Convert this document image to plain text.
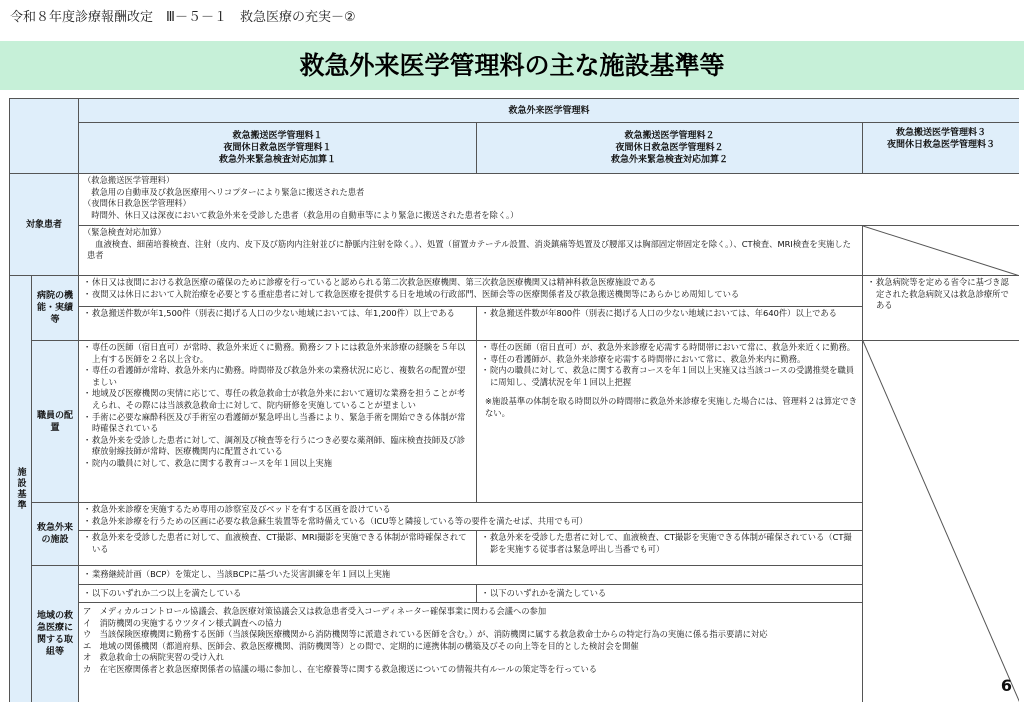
令和８年度診療報酬改定　Ⅲ－５－１　救急医療の充実－②
救急外来医学管理料の主な施設基準等
救急外来医学管理料
救急搬送医学管理料１
夜間休日救急医学管理料１
救急外来緊急検査対応加算１
救急搬送医学管理料２
夜間休日救急医学管理料２
救急外来緊急検査対応加算２
救急搬送医学管理料３
夜間休日救急医学管理料３
対象患者
（救急搬送医学管理料）
　救急用の自動車及び救急医療用ヘリコプターにより緊急に搬送された患者
（夜間休日救急医学管理料）
　時間外、休日又は深夜において救急外来を受診した患者（救急用の自動車等により緊急に搬送された患者を除く。）
（緊急検査対応加算）
　血液検査、細菌培養検査、注射（皮内、皮下及び筋肉内注射並びに静脈内注射を除く。）、処置（留置カテーテル設置、消炎鎮痛等処置及び腰部又は胸部固定帯固定を除く。）、CT検査、MRI検査を実施した患者
施設基準
病院の機能・実績等
・ 休日又は夜間における救急医療の確保のために診療を行っていると認められる第二次救急医療機関、第三次救急医療機関又は精神科救急医療施設である
・ 夜間又は休日において入院治療を必要とする重症患者に対して救急医療を提供する日を地域の行政部門、医師会等の医療関係者及び救急搬送機関等にあらかじめ周知している
・ 救急搬送件数が年1,500件（別表に掲げる人口の少ない地域においては、年1,200件）以上である	・ 救急搬送件数が年800件（別表に掲げる人口の少ない地域においては、年640件）以上である
・ 救急病院等を定める省令に基づき認定された救急病院又は救急診療所である
職員の配置
・ 専任の医師（宿日直可）が常時、救急外来近くに勤務。勤務シフトには救急外来診療の経験を５年以上有する医師を２名以上含む。
・ 専任の看護師が常時、救急外来内に勤務。時間帯及び救急外来の業務状況に応じ、複数名の配置が望ましい
・ 地域及び医療機関の実情に応じて、専任の救急救命士が救急外来において適切な業務を担うことが考えられ、その際には当該救急救命士に対して、院内研修を実施していることが望ましい
・ 手術に必要な麻酔科医及び手術室の看護師が緊急呼出し当番により、緊急手術を開始できる体制が常時確保されている
・ 救急外来を受診した患者に対して、調剤及び検査等を行うにつき必要な薬剤師、臨床検査技師及び診療放射線技師が常時、医療機関内に配置されている
・ 院内の職員に対して、救急に関する教育コースを年１回以上実施
・ 専任の医師（宿日直可）が、救急外来診療を応需する時間帯において常に、救急外来近くに勤務。
・ 専任の看護師が、救急外来診療を応需する時間帯において常に、救急外来内に勤務。
・ 院内の職員に対して、救急に関する教育コースを年１回以上実施又は当該コースの受講推奨を職員に周知し、受講状況を年１回以上把握
※施設基準の体制を取る時間以外の時間帯に救急外来診療を実施した場合には、管理料２は算定できない。
救急外来の施設
・ 救急外来診療を実施するため専用の診察室及びベッドを有する区画を設けている
・ 救急外来診療を行うための区画に必要な救急蘇生装置等を常時備えている（ICU等と隣接している等の要件を満たせば、共用でも可）
・ 救急外来を受診した患者に対して、血液検査、CT撮影、MRI撮影を実施できる体制が常時確保されている
・ 救急外来を受診した患者に対して、血液検査、CT撮影を実施できる体制が確保されている（CT撮影を実施する従事者は緊急呼出し当番でも可）
地域の救急医療に関する取組等
・ 業務継続計画（BCP）を策定し、当該BCPに基づいた災害訓練を年１回以上実施
・ 以下のいずれか二つ以上を満たしている	・ 以下のいずれかを満たしている
ア　メディカルコントロール協議会、救急医療対策協議会又は救急患者受入コーディネーター確保事業に関わる会議への参加
イ　消防機関の実施するウツタイン様式調査への協力
ウ　当該保険医療機関に勤務する医師（当該保険医療機関から消防機関等に派遣されている医師を含む。）が、消防機関に属する救急救命士からの特定行為の実施に係る指示要請に対応
エ　地域の関係機関（都道府県、医師会、救急医療機関、消防機関等）との間で、定期的に連携体制の構築及びその向上等を目的とした検討会を開催
オ　救急救命士の病院実習の受け入れ
カ　在宅医療関係者と救急医療関係者の協議の場に参加し、在宅療養等に関する救急搬送についての情報共有ルールの策定等を行っている
6
